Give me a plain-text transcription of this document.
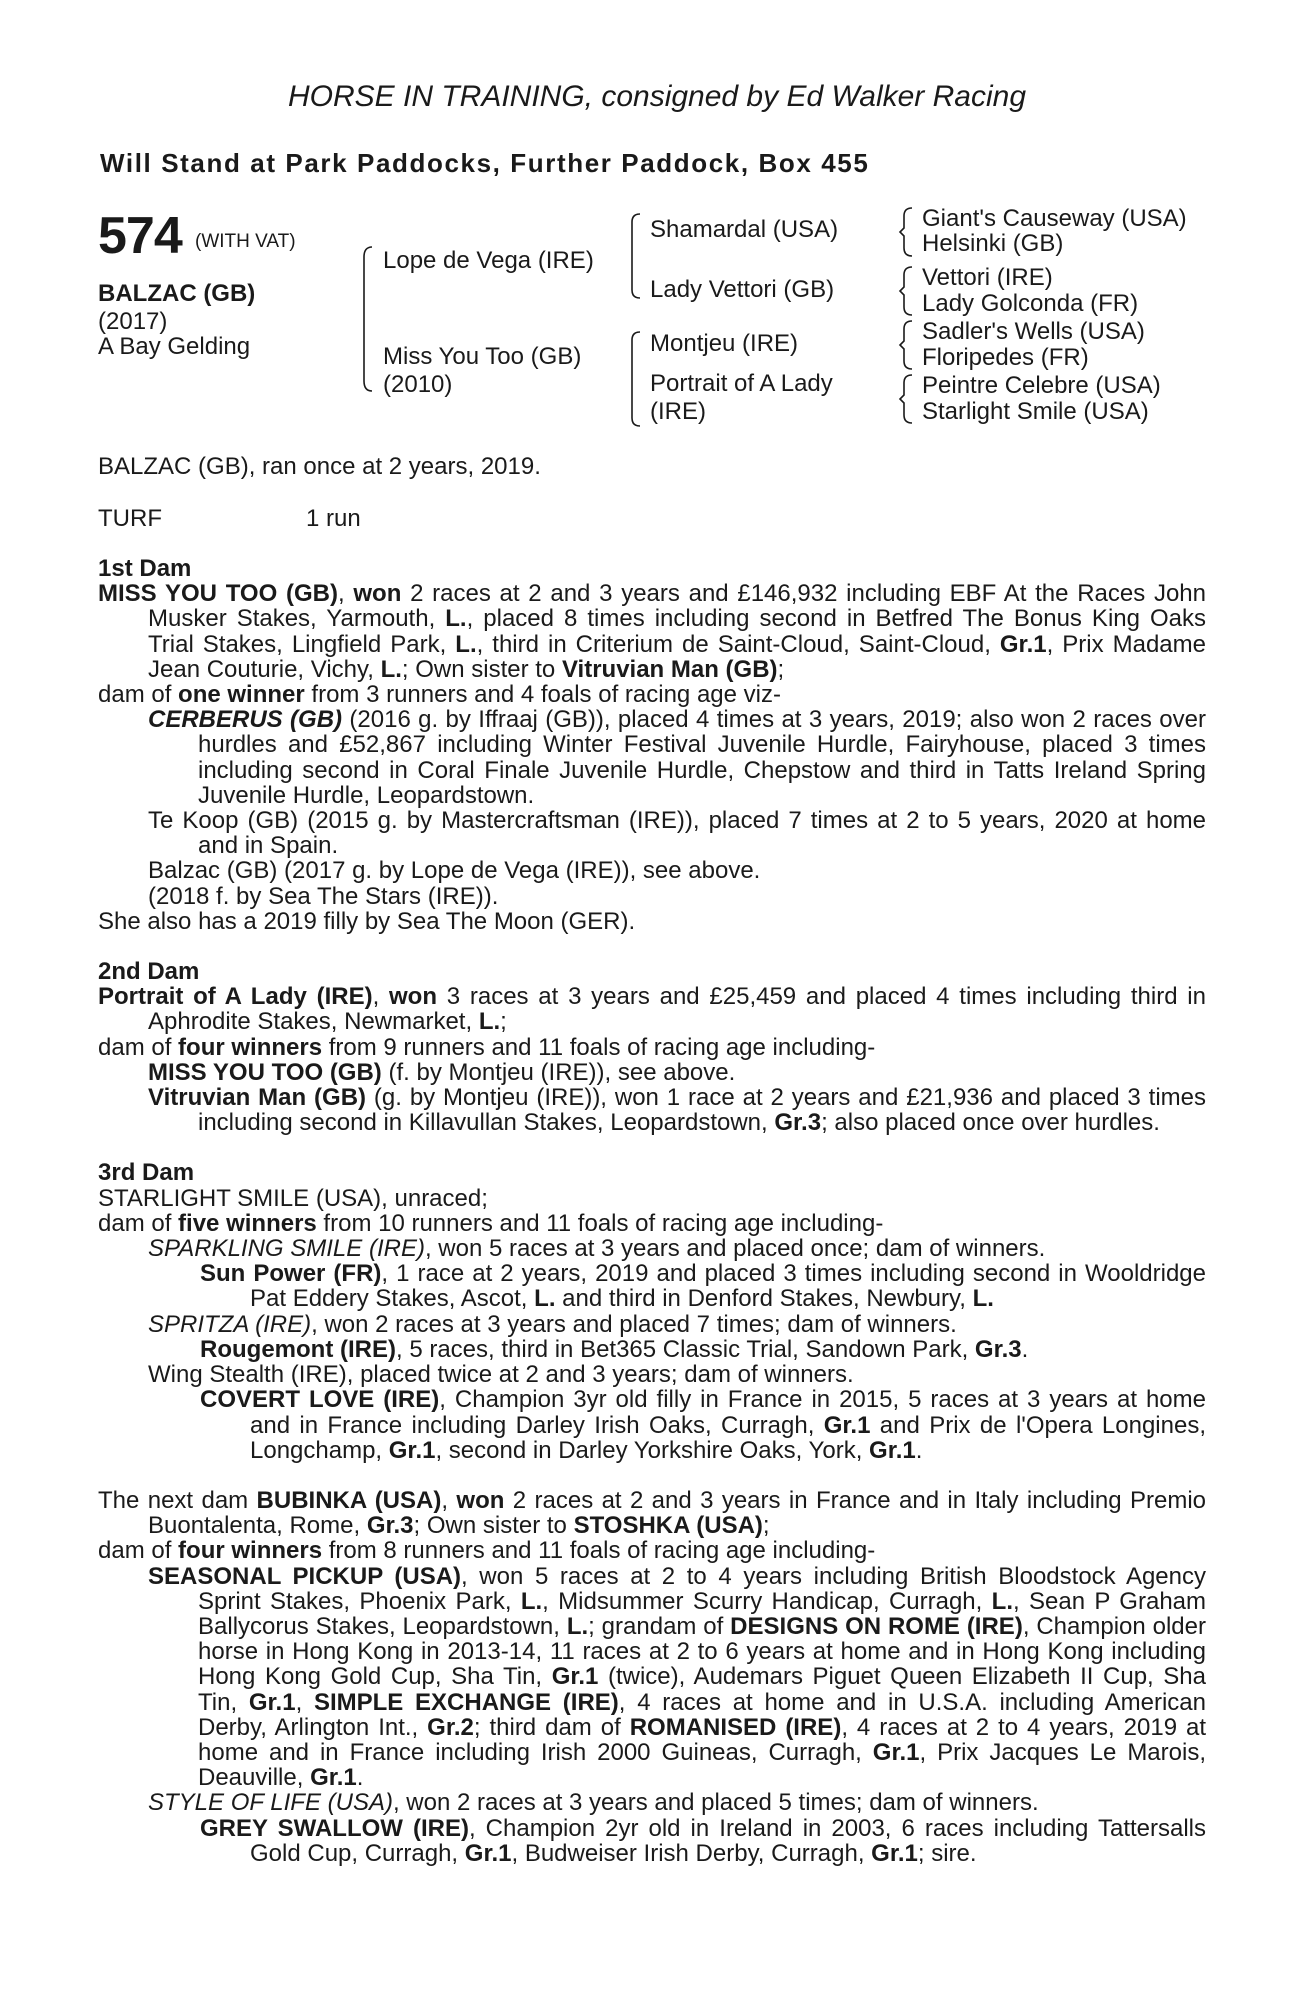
HORSE IN TRAINING, consigned by Ed Walker Racing
Will Stand at Park Paddocks, Further Paddock, Box 455
574 (WITH VAT)
BALZAC (GB)
(2017)
A Bay Gelding
Lope de Vega (IRE)
Miss You Too (GB)
(2010)
Shamardal (USA)
Lady Vettori (GB)
Montjeu (IRE)
Portrait of A Lady
(IRE)
Giant's Causeway (USA)
Helsinki (GB)
Vettori (IRE)
Lady Golconda (FR)
Sadler's Wells (USA)
Floripedes (FR)
Peintre Celebre (USA)
Starlight Smile (USA)
BALZAC (GB), ran once at 2 years, 2019.
TURF	1 run

1st Dam

MISS YOU TOO (GB), won 2 races at 2 and 3 years and £146,932 including EBF At the Races John Musker Stakes, Yarmouth, L., placed 8 times including second in Betfred The Bonus King Oaks Trial Stakes, Lingfield Park, L., third in Criterium de Saint-Cloud, Saint-Cloud, Gr.1, Prix Madame Jean Couturie, Vichy, L.; Own sister to Vitruvian Man (GB);

dam of one winner from 3 runners and 4 foals of racing age viz-

CERBERUS (GB) (2016 g. by Iffraaj (GB)), placed 4 times at 3 years, 2019; also won 2 races over hurdles and £52,867 including Winter Festival Juvenile Hurdle, Fairyhouse, placed 3 times including second in Coral Finale Juvenile Hurdle, Chepstow and third in Tatts Ireland Spring Juvenile Hurdle, Leopardstown.

Te Koop (GB) (2015 g. by Mastercraftsman (IRE)), placed 7 times at 2 to 5 years, 2020 at home and in Spain.

Balzac (GB) (2017 g. by Lope de Vega (IRE)), see above.

(2018 f. by Sea The Stars (IRE)).

She also has a 2019 filly by Sea The Moon (GER).

2nd Dam

Portrait of A Lady (IRE), won 3 races at 3 years and £25,459 and placed 4 times including third in Aphrodite Stakes, Newmarket, L.;

dam of four winners from 9 runners and 11 foals of racing age including-

MISS YOU TOO (GB) (f. by Montjeu (IRE)), see above.

Vitruvian Man (GB) (g. by Montjeu (IRE)), won 1 race at 2 years and £21,936 and placed 3 times including second in Killavullan Stakes, Leopardstown, Gr.3; also placed once over hurdles.

3rd Dam

STARLIGHT SMILE (USA), unraced;

dam of five winners from 10 runners and 11 foals of racing age including-

SPARKLING SMILE (IRE), won 5 races at 3 years and placed once; dam of winners.

Sun Power (FR), 1 race at 2 years, 2019 and placed 3 times including second in Wooldridge Pat Eddery Stakes, Ascot, L. and third in Denford Stakes, Newbury, L.

SPRITZA (IRE), won 2 races at 3 years and placed 7 times; dam of winners.

Rougemont (IRE), 5 races, third in Bet365 Classic Trial, Sandown Park, Gr.3.

Wing Stealth (IRE), placed twice at 2 and 3 years; dam of winners.

COVERT LOVE (IRE), Champion 3yr old filly in France in 2015, 5 races at 3 years at home and in France including Darley Irish Oaks, Curragh, Gr.1 and Prix de l'Opera Longines, Longchamp, Gr.1, second in Darley Yorkshire Oaks, York, Gr.1.

The next dam BUBINKA (USA), won 2 races at 2 and 3 years in France and in Italy including Premio Buontalenta, Rome, Gr.3; Own sister to STOSHKA (USA);

dam of four winners from 8 runners and 11 foals of racing age including-

SEASONAL PICKUP (USA), won 5 races at 2 to 4 years including British Bloodstock Agency Sprint Stakes, Phoenix Park, L., Midsummer Scurry Handicap, Curragh, L., Sean P Graham Ballycorus Stakes, Leopardstown, L.; grandam of DESIGNS ON ROME (IRE), Champion older horse in Hong Kong in 2013-14, 11 races at 2 to 6 years at home and in Hong Kong including Hong Kong Gold Cup, Sha Tin, Gr.1 (twice), Audemars Piguet Queen Elizabeth II Cup, Sha Tin, Gr.1, SIMPLE EXCHANGE (IRE), 4 races at home and in U.S.A. including American Derby, Arlington Int., Gr.2; third dam of ROMANISED (IRE), 4 races at 2 to 4 years, 2019 at home and in France including Irish 2000 Guineas, Curragh, Gr.1, Prix Jacques Le Marois, Deauville, Gr.1.

STYLE OF LIFE (USA), won 2 races at 3 years and placed 5 times; dam of winners.

GREY SWALLOW (IRE), Champion 2yr old in Ireland in 2003, 6 races including Tattersalls Gold Cup, Curragh, Gr.1, Budweiser Irish Derby, Curragh, Gr.1; sire.
